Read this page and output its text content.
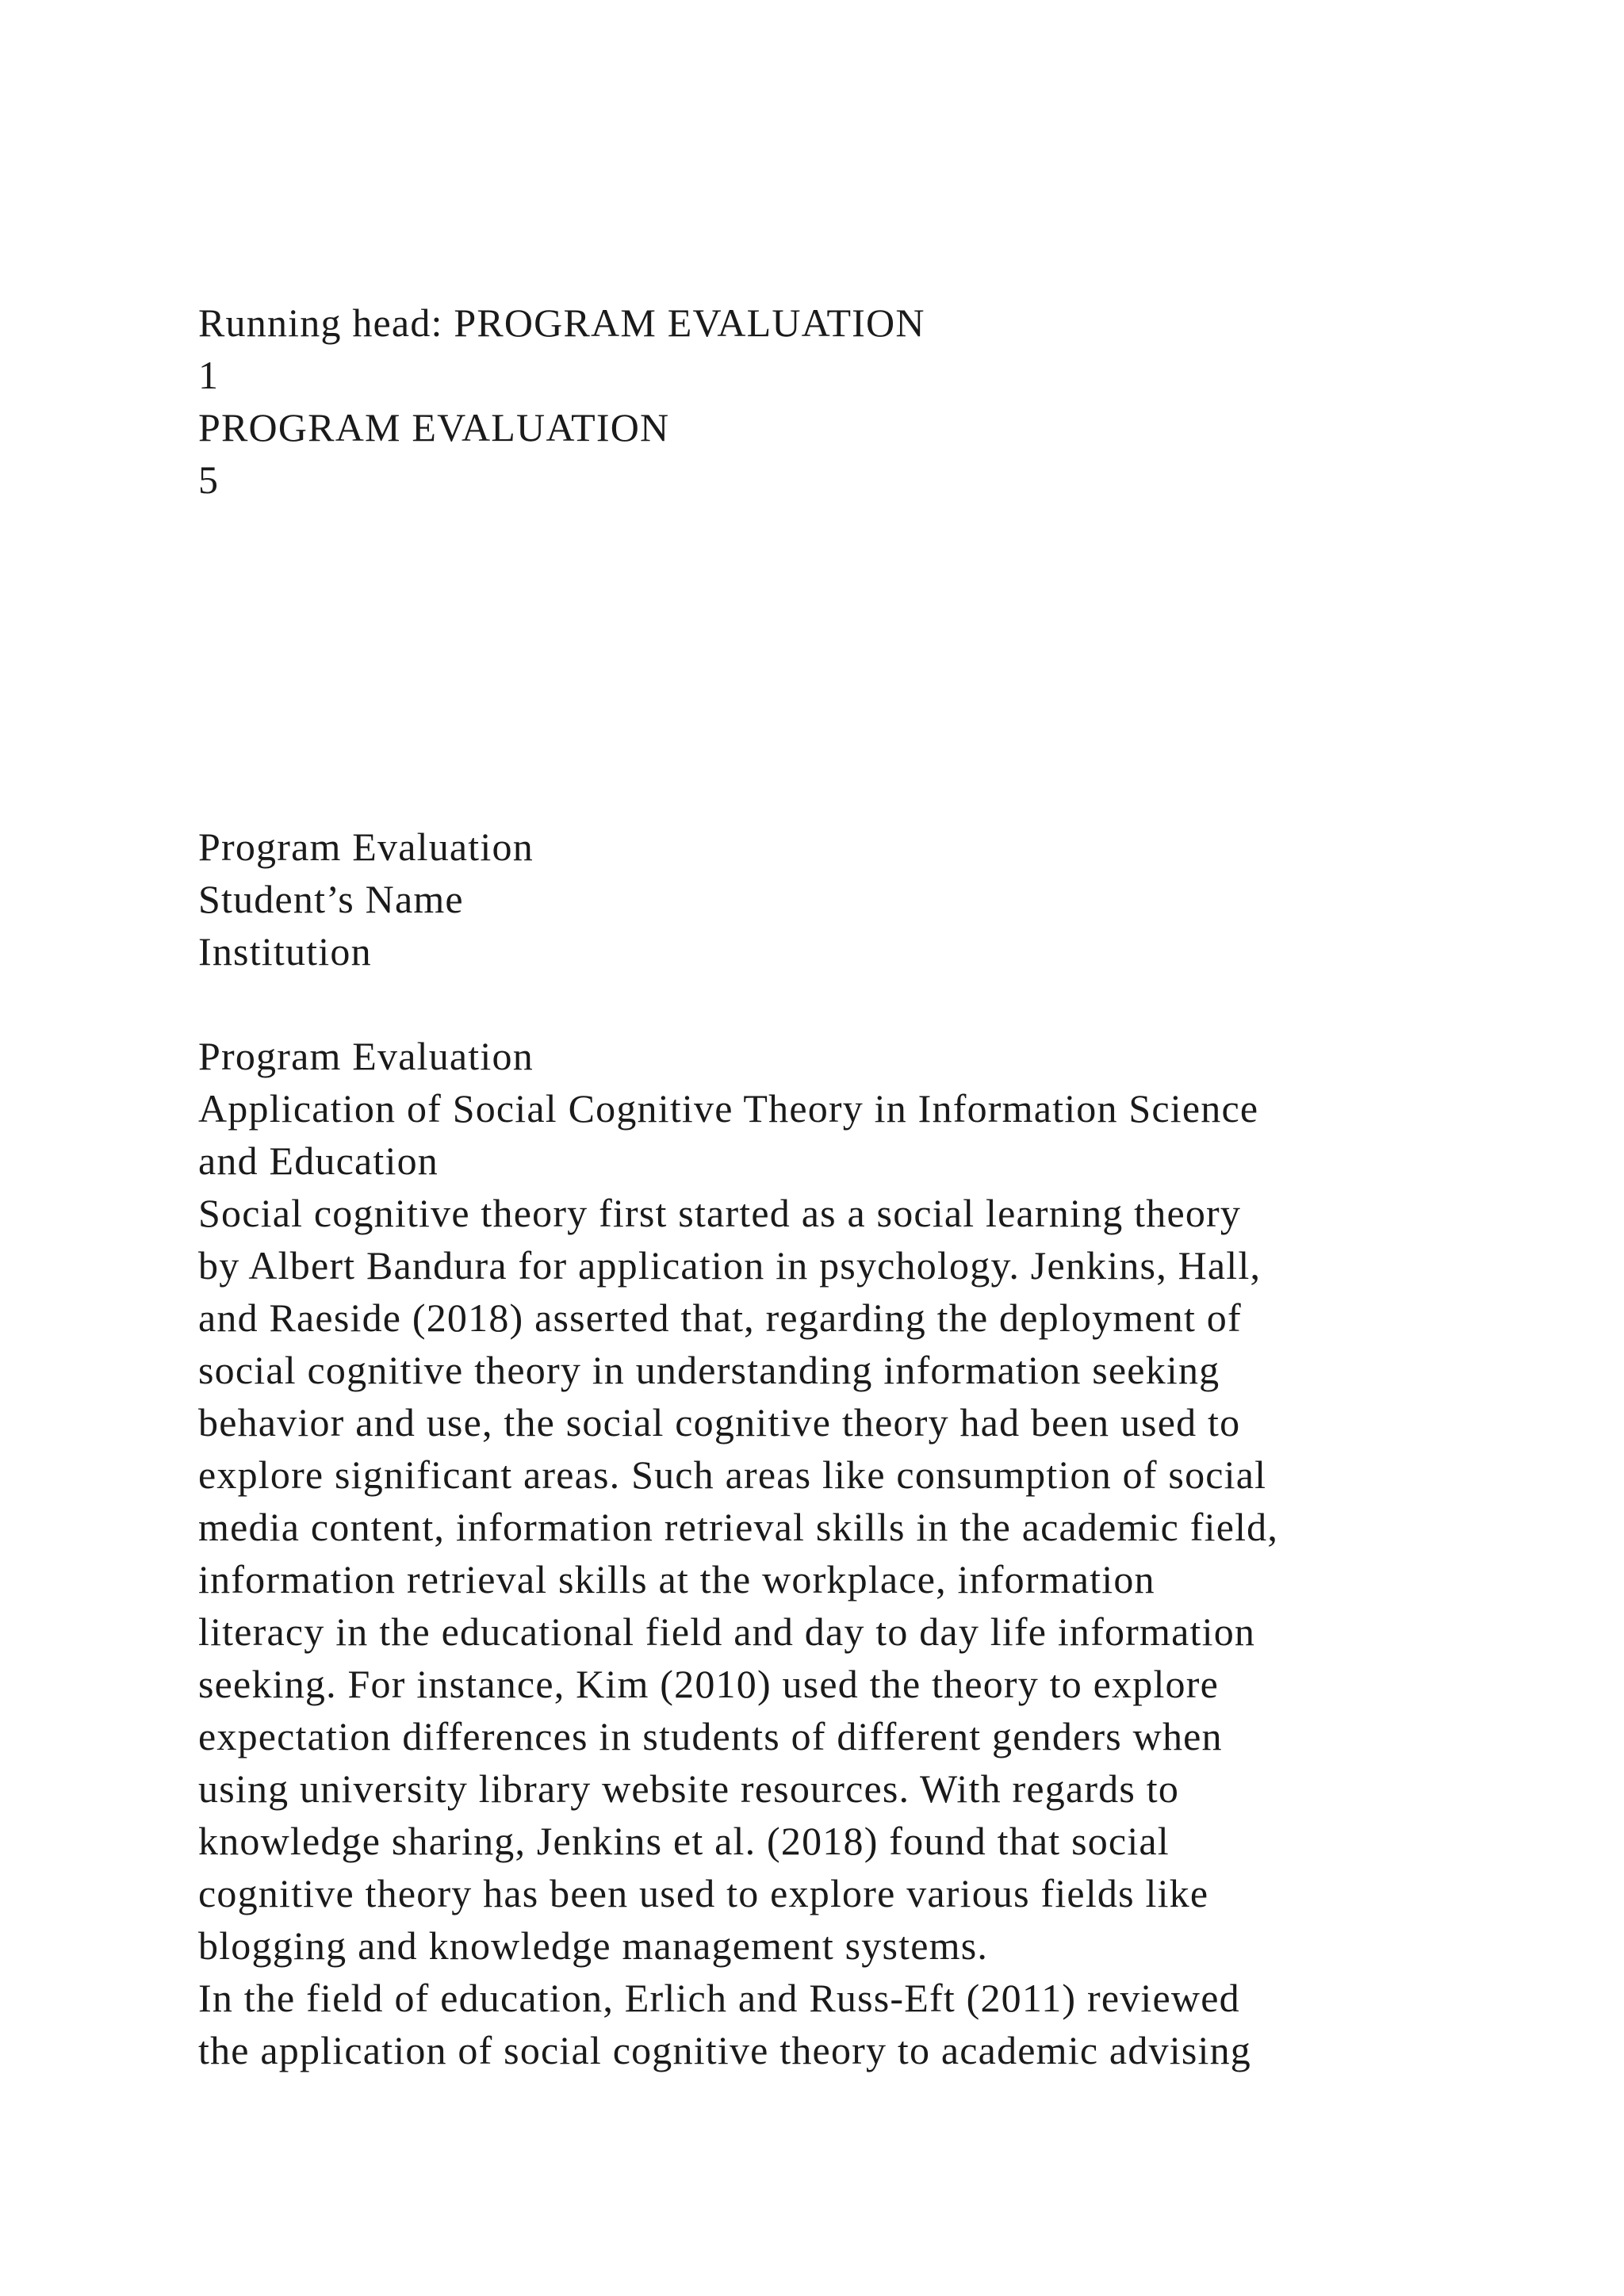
Running head: PROGRAM EVALUATION
1
PROGRAM EVALUATION
5
Program Evaluation
Student’s Name
Institution
Program Evaluation
Application of Social Cognitive Theory in Information Science
and Education
Social cognitive theory first started as a social learning theory
by Albert Bandura for application in psychology. Jenkins, Hall,
and Raeside (2018) asserted that, regarding the deployment of
social cognitive theory in understanding information seeking
behavior and use, the social cognitive theory had been used to
explore significant areas. Such areas like consumption of social
media content, information retrieval skills in the academic field,
information retrieval skills at the workplace, information
literacy in the educational field and day to day life information
seeking. For instance, Kim (2010) used the theory to explore
expectation differences in students of different genders when
using university library website resources. With regards to
knowledge sharing, Jenkins et al. (2018) found that social
cognitive theory has been used to explore various fields like
blogging and knowledge management systems.
In the field of education, Erlich and Russ-Eft (2011) reviewed
the application of social cognitive theory to academic advising
